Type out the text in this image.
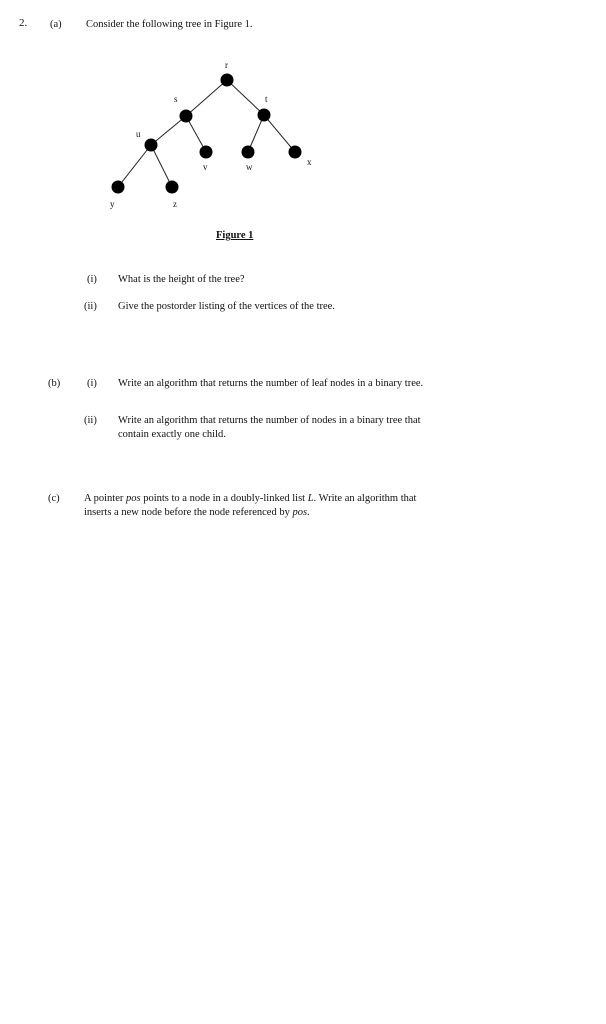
2. (a) Consider the following tree in Figure 1.
r
s	t
u
v	w	x
y	z
Figure 1
(i) What is the height of the tree?
(ii) Give the postorder listing of the vertices of the tree.
(b)	(i) Write an algorithm that returns the number of leaf nodes in a binary tree.
(ii) Write an algorithm that returns the number of nodes in a binary tree that
contain exactly one child.
(c) A pointer pos points to a node in a doubly-linked list L. Write an algorithm that
inserts a new node before the node referenced by pos.
